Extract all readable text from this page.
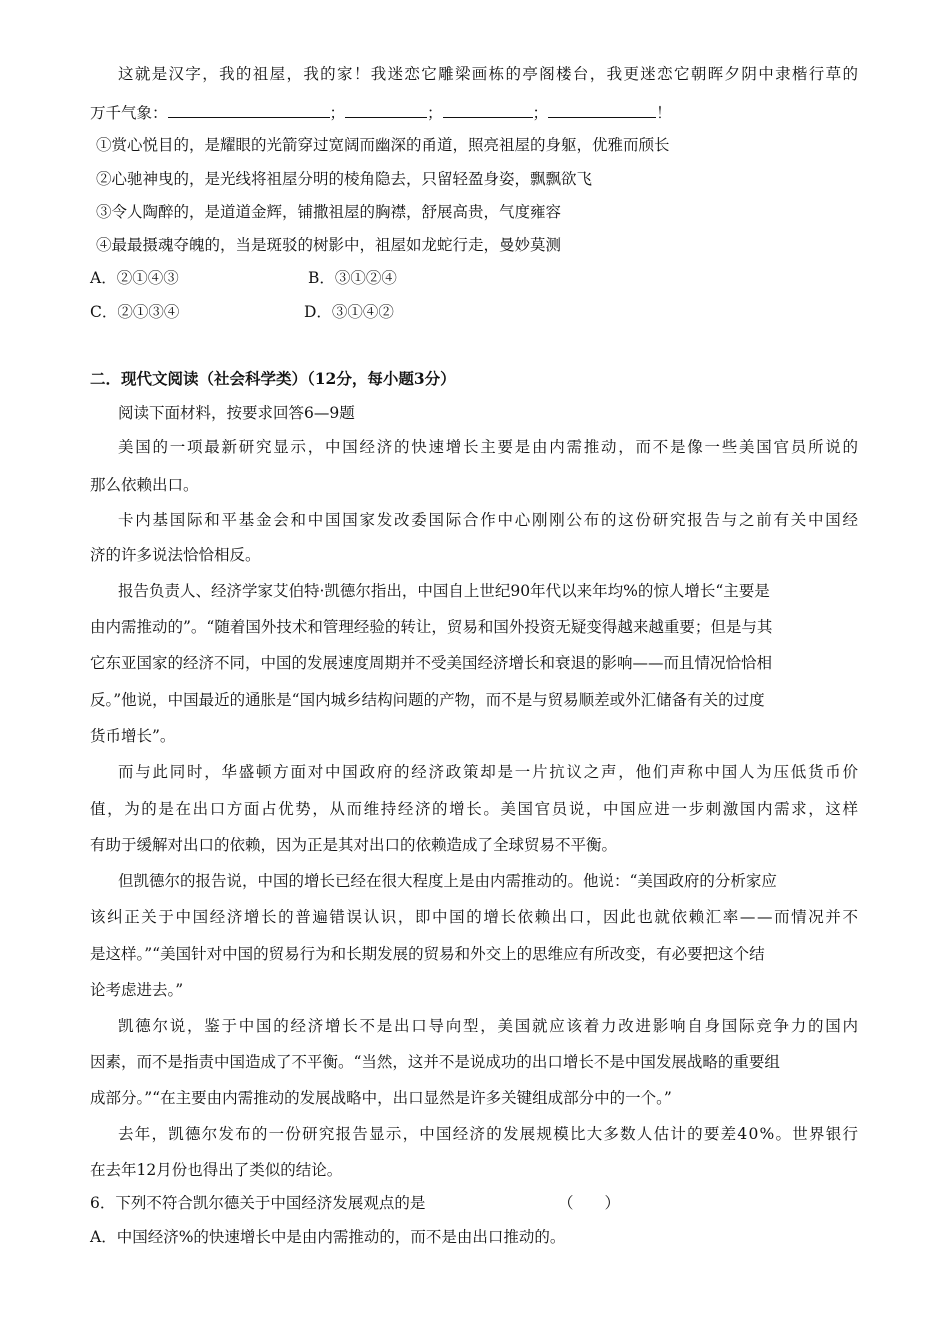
这就是汉字，我的祖屋，我的家！我迷恋它雕梁画栋的亭阁楼台，我更迷恋它朝晖夕阴中隶楷行草的
万千气象：	；	；	；	！
①赏心悦目的，是耀眼的光箭穿过宽阔而幽深的甬道，照亮祖屋的身躯，优雅而颀长
②心驰神曳的，是光线将祖屋分明的棱角隐去，只留轻盈身姿，飘飘欲飞
③令人陶醉的，是道道金辉，铺撒祖屋的胸襟，舒展高贵，气度雍容
④最最摄魂夺魄的，当是斑驳的树影中，祖屋如龙蛇行走，曼妙莫测
A．②①④③	B．③①②④
C．②①③④	D．③①④②
二．现代文阅读（社会科学类）（12分，每小题3分）
阅读下面材料，按要求回答6—9题
美国的一项最新研究显示，中国经济的快速增长主要是由内需推动，而不是像一些美国官员所说的
那么依赖出口。
卡内基国际和平基金会和中国国家发改委国际合作中心刚刚公布的这份研究报告与之前有关中国经
济的许多说法恰恰相反。
报告负责人、经济学家艾伯特·凯德尔指出，中国自上世纪90年代以来年均%的惊人增长“主要是
由内需推动的”。“随着国外技术和管理经验的转让，贸易和国外投资无疑变得越来越重要；但是与其
它东亚国家的经济不同，中国的发展速度周期并不受美国经济增长和衰退的影响——而且情况恰恰相
反。”他说，中国最近的通胀是“国内城乡结构问题的产物，而不是与贸易顺差或外汇储备有关的过度
货币增长”。
而与此同时，华盛顿方面对中国政府的经济政策却是一片抗议之声，他们声称中国人为压低货币价
值，为的是在出口方面占优势，从而维持经济的增长。美国官员说，中国应进一步刺激国内需求，这样
有助于缓解对出口的依赖，因为正是其对出口的依赖造成了全球贸易不平衡。
但凯德尔的报告说，中国的增长已经在很大程度上是由内需推动的。他说：“美国政府的分析家应
该纠正关于中国经济增长的普遍错误认识，即中国的增长依赖出口，因此也就依赖汇率——而情况并不
是这样。”“美国针对中国的贸易行为和长期发展的贸易和外交上的思维应有所改变，有必要把这个结
论考虑进去。”
凯德尔说，鉴于中国的经济增长不是出口导向型，美国就应该着力改进影响自身国际竞争力的国内
因素，而不是指责中国造成了不平衡。“当然，这并不是说成功的出口增长不是中国发展战略的重要组
成部分。”“在主要由内需推动的发展战略中，出口显然是许多关键组成部分中的一个。”
去年，凯德尔发布的一份研究报告显示，中国经济的发展规模比大多数人估计的要差40%。世界银行
在去年12月份也得出了类似的结论。
6．下列不符合凯尔德关于中国经济发展观点的是	（　　）
A．中国经济%的快速增长中是由内需推动的，而不是由出口推动的。
